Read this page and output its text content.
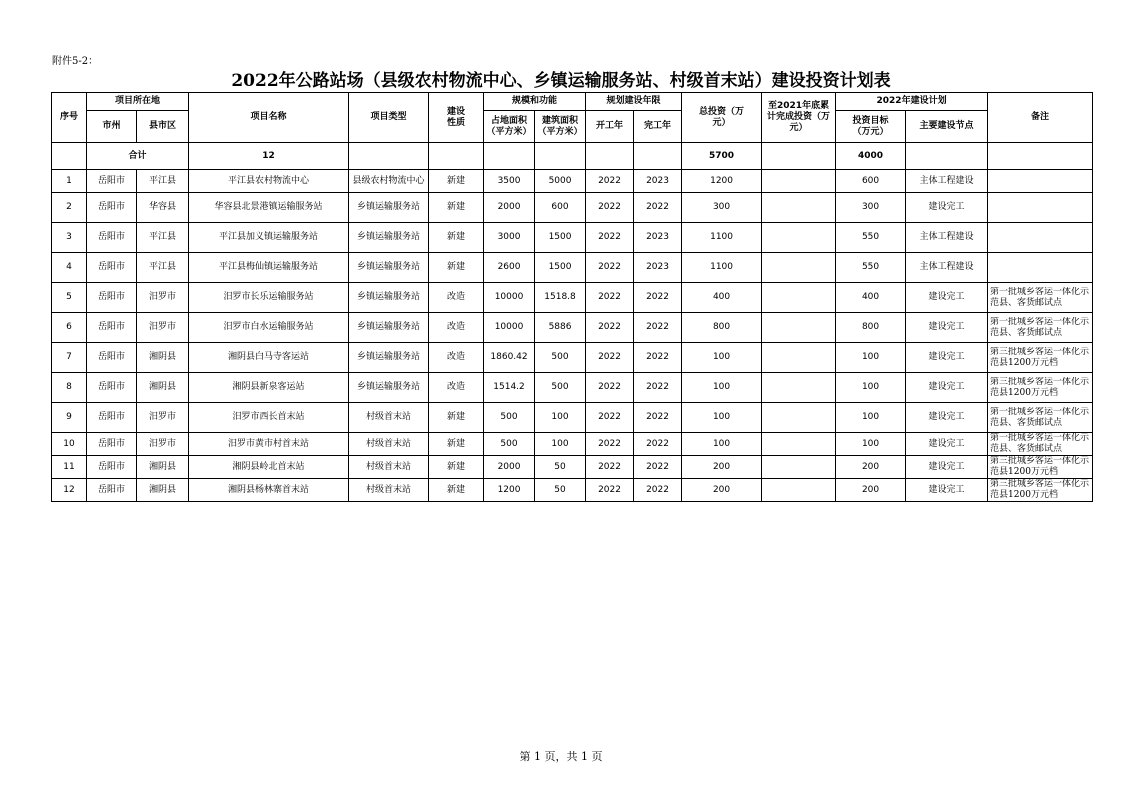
附件5-2：
2022年公路站场（县级农村物流中心、乡镇运输服务站、村级首末站）建设投资计划表
序号	项目所在地		项目名称	项目类型	建设性质	规模和功能		规划建设年限		总投资（万元）	至2021年底累计完成投资（万元）	2022年建设计划		备注
	市州	县市区				占地面积（平方米）	建筑面积（平方米）	开工年	完工年			投资目标（万元）	主要建设节点	
	合计		12							5700		4000		
1	岳阳市	平江县	平江县农村物流中心	县级农村物流中心	新建	3500	5000	2022	2023	1200		600	主体工程建设	

2	岳阳市	华容县	华容县北景港镇运输服务站	乡镇运输服务站	新建	2000	600	2022	2022	300		300	建设完工	

3	岳阳市	平江县	平江县加义镇运输服务站	乡镇运输服务站	新建	3000	1500	2022	2023	1100		550	主体工程建设	

4	岳阳市	平江县	平江县梅仙镇运输服务站	乡镇运输服务站	新建	2600	1500	2022	2023	1100		550	主体工程建设	

5	岳阳市	汨罗市	汨罗市长乐运输服务站	乡镇运输服务站	改造	10000	1518.8	2022	2022	400		400	建设完工	第一批城乡客运一体化示范县、客货邮试点

6	岳阳市	汨罗市	汨罗市白水运输服务站	乡镇运输服务站	改造	10000	5886	2022	2022	800		800	建设完工	第一批城乡客运一体化示范县、客货邮试点

7	岳阳市	湘阴县	湘阴县白马寺客运站	乡镇运输服务站	改造	1860.42	500	2022	2022	100		100	建设完工	第三批城乡客运一体化示范县1200万元档

8	岳阳市	湘阴县	湘阴县新泉客运站	乡镇运输服务站	改造	1514.2	500	2022	2022	100		100	建设完工	第三批城乡客运一体化示范县1200万元档

9	岳阳市	汨罗市	汨罗市西长首末站	村级首末站	新建	500	100	2022	2022	100		100	建设完工	第一批城乡客运一体化示范县、客货邮试点

10	岳阳市	汨罗市	汨罗市黄市村首末站	村级首末站	新建	500	100	2022	2022	100		100	建设完工	第一批城乡客运一体化示范县、客货邮试点

11	岳阳市	湘阴县	湘阴县岭北首末站	村级首末站	新建	2000	50	2022	2022	200		200	建设完工	第三批城乡客运一体化示范县1200万元档

12	岳阳市	湘阴县	湘阴县杨林寨首末站	村级首末站	新建	1200	50	2022	2022	200		200	建设完工	第三批城乡客运一体化示范县1200万元档
第 1 页，共 1 页
